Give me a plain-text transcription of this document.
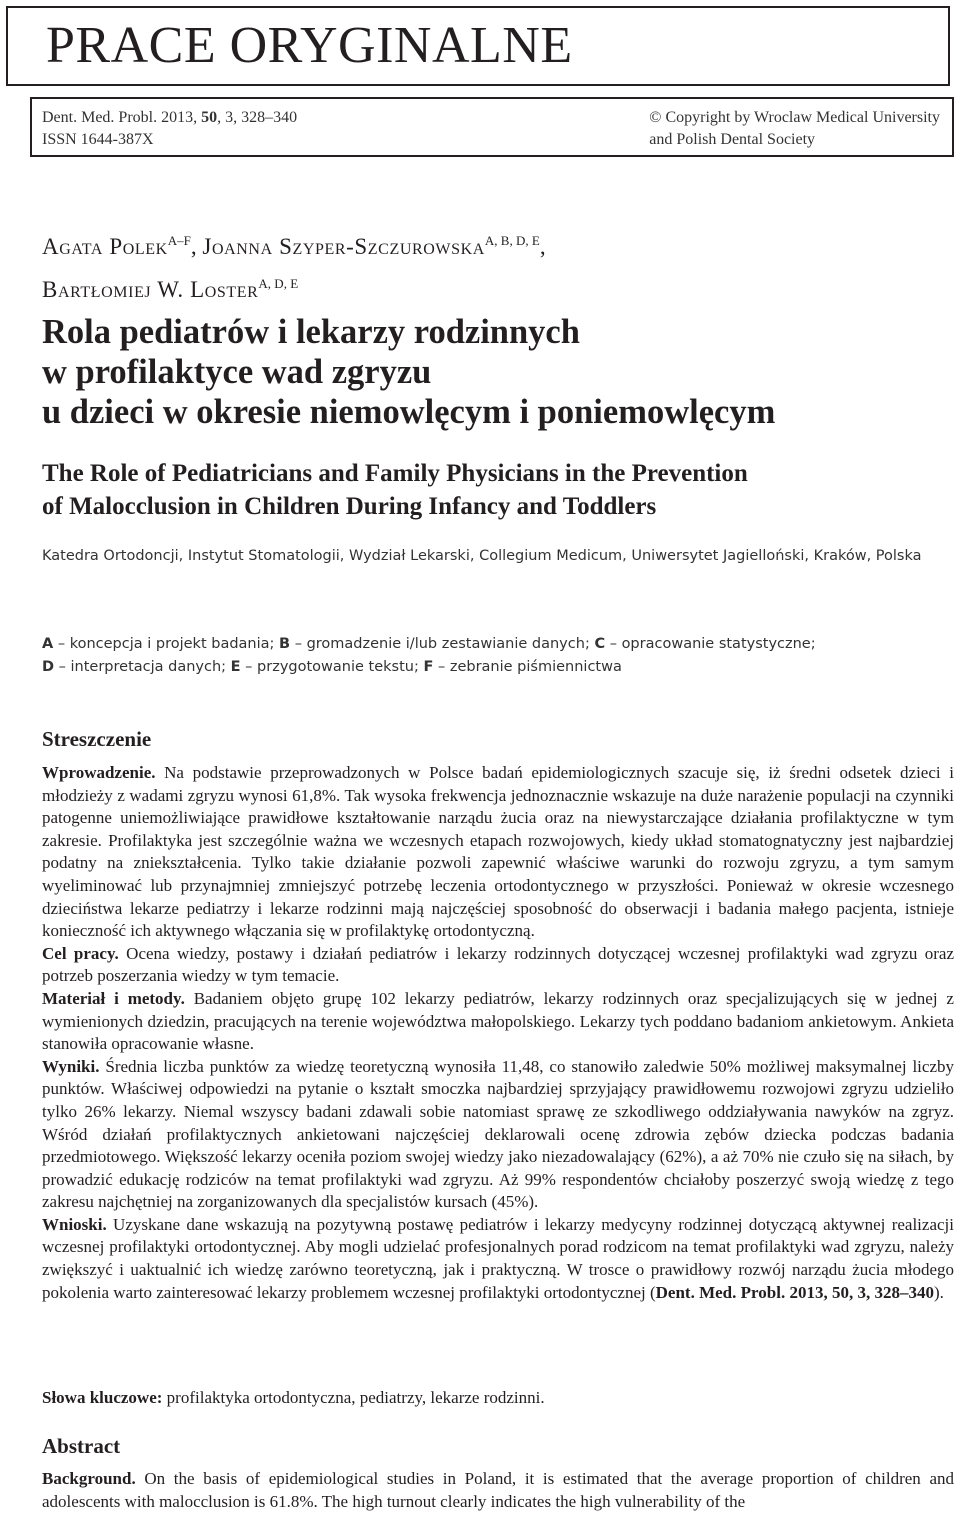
PRACE ORYGINALNE
Dent. Med. Probl. 2013, 50, 3, 328–340
ISSN 1644-387X
© Copyright by Wroclaw Medical University
and Polish Dental Society
Agata Polek$^{A-F}$, Joanna Szyper-Szczurowska$^{A, B, D, E}$,
Bartłomiej W. Loster$^{A, D, E}$
Rola pediatrów i lekarzy rodzinnych
w profilaktyce wad zgryzu
u dzieci w okresie niemowlęcym i poniemowlęcym
The Role of Pediatricians and Family Physicians in the Prevention
of Malocclusion in Children During Infancy and Toddlers
Katedra Ortodoncji, Instytut Stomatologii, Wydział Lekarski, Collegium Medicum, Uniwersytet Jagielloński, Kraków, Polska
A – koncepcja i projekt badania; B – gromadzenie i/lub zestawianie danych; C – opracowanie statystyczne;
D – interpretacja danych; E – przygotowanie tekstu; F – zebranie piśmiennictwa
Streszczenie
Wprowadzenie. Na podstawie przeprowadzonych w Polsce badań epidemiologicznych szacuje się, iż średni odsetek dzieci i młodzieży z wadami zgryzu wynosi 61,8%. Tak wysoka frekwencja jednoznacznie wskazuje na duże narażenie populacji na czynniki patogenne uniemożliwiające prawidłowe kształtowanie narządu żucia oraz na niewystarczające działania profilaktyczne w tym zakresie. Profilaktyka jest szczególnie ważna we wczesnych etapach rozwojowych, kiedy układ stomatognatyczny jest najbardziej podatny na zniekształcenia. Tylko takie działanie pozwoli zapewnić właściwe warunki do rozwoju zgryzu, a tym samym wyeliminować lub przynajmniej zmniejszyć potrzebę leczenia ortodontycznego w przyszłości. Ponieważ w okresie wczesnego dzieciństwa lekarze pediatrzy i lekarze rodzinni mają najczęściej sposobność do obserwacji i badania małego pacjenta, istnieje konieczność ich aktywnego włączania się w profilaktykę ortodontyczną.
Cel pracy. Ocena wiedzy, postawy i działań pediatrów i lekarzy rodzinnych dotyczącej wczesnej profilaktyki wad zgryzu oraz potrzeb poszerzania wiedzy w tym temacie.
Materiał i metody. Badaniem objęto grupę 102 lekarzy pediatrów, lekarzy rodzinnych oraz specjalizujących się w jednej z wymienionych dziedzin, pracujących na terenie województwa małopolskiego. Lekarzy tych poddano badaniom ankietowym. Ankieta stanowiła opracowanie własne.
Wyniki. Średnia liczba punktów za wiedzę teoretyczną wynosiła 11,48, co stanowiło zaledwie 50% możliwej maksymalnej liczby punktów. Właściwej odpowiedzi na pytanie o kształt smoczka najbardziej sprzyjający prawidłowemu rozwojowi zgryzu udzieliło tylko 26% lekarzy. Niemal wszyscy badani zdawali sobie natomiast sprawę ze szkodliwego oddziaływania nawyków na zgryz. Wśród działań profilaktycznych ankietowani najczęściej deklarowali ocenę zdrowia zębów dziecka podczas badania przedmiotowego. Większość lekarzy oceniła poziom swojej wiedzy jako niezadowalający (62%), a aż 70% nie czuło się na siłach, by prowadzić edukację rodziców na temat profilaktyki wad zgryzu. Aż 99% respondentów chciałoby poszerzyć swoją wiedzę z tego zakresu najchętniej na zorganizowanych dla specjalistów kursach (45%).
Wnioski. Uzyskane dane wskazują na pozytywną postawę pediatrów i lekarzy medycyny rodzinnej dotyczącą aktywnej realizacji wczesnej profilaktyki ortodontycznej. Aby mogli udzielać profesjonalnych porad rodzicom na temat profilaktyki wad zgryzu, należy zwiększyć i uaktualnić ich wiedzę zarówno teoretyczną, jak i praktyczną. W trosce o prawidłowy rozwój narządu żucia młodego pokolenia warto zainteresować lekarzy problemem wczesnej profilaktyki ortodontycznej (Dent. Med. Probl. 2013, 50, 3, 328–340).
Słowa kluczowe: profilaktyka ortodontyczna, pediatrzy, lekarze rodzinni.
Abstract
Background. On the basis of epidemiological studies in Poland, it is estimated that the average proportion of children and adolescents with malocclusion is 61.8%. The high turnout clearly indicates the high vulnerability of the
